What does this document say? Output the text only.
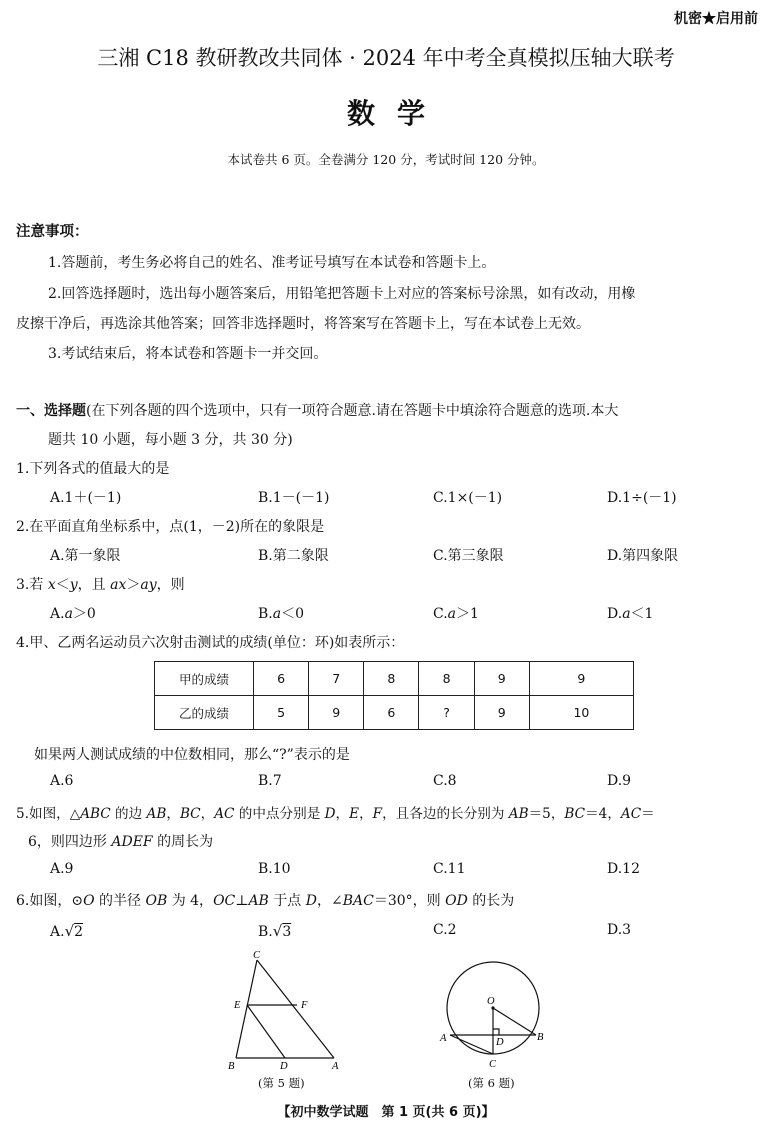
机密★启用前
三湘 C18 教研教改共同体 · 2024 年中考全真模拟压轴大联考
数学
本试卷共 6 页。全卷满分 120 分，考试时间 120 分钟。
注意事项：
1.答题前，考生务必将自己的姓名、准考证号填写在本试卷和答题卡上。
2.回答选择题时，选出每小题答案后，用铅笔把答题卡上对应的答案标号涂黑，如有改动，用橡
皮擦干净后，再选涂其他答案；回答非选择题时，将答案写在答题卡上，写在本试卷上无效。
3.考试结束后，将本试卷和答题卡一并交回。
一、选择题(在下列各题的四个选项中，只有一项符合题意.请在答题卡中填涂符合题意的选项.本大
题共 10 小题，每小题 3 分，共 30 分)
1.下列各式的值最大的是
A.1＋(－1)	B.1－(－1)	C.1×(－1)	D.1÷(－1)
2.在平面直角坐标系中，点(1，－2)所在的象限是
A.第一象限	B.第二象限	C.第三象限	D.第四象限
3.若 x＜y，且 ax＞ay，则
A.a＞0	B.a＜0	C.a＞1	D.a＜1
4.甲、乙两名运动员六次射击测试的成绩(单位：环)如表所示：
甲的成绩	6	7	8	8	9	9
乙的成绩	5	9	6	?	9	10
如果两人测试成绩的中位数相同，那么“?”表示的是
A.6	B.7	C.8	D.9
5.如图，△ABC 的边 AB，BC，AC 的中点分别是 D，E，F，且各边的长分别为 AB＝5，BC＝4，AC＝
6，则四边形 ADEF 的周长为
A.9	B.10	C.11	D.12
6.如图，⊙O 的半径 OB 为 4，OC⊥AB 于点 D，∠BAC＝30°，则 OD 的长为
A.√2	B.√3	C.2	D.3
C
E	F
B	D	A
(第 5 题)
O
A	B
C
D
(第 6 题)
【初中数学试题　第 1 页(共 6 页)】
